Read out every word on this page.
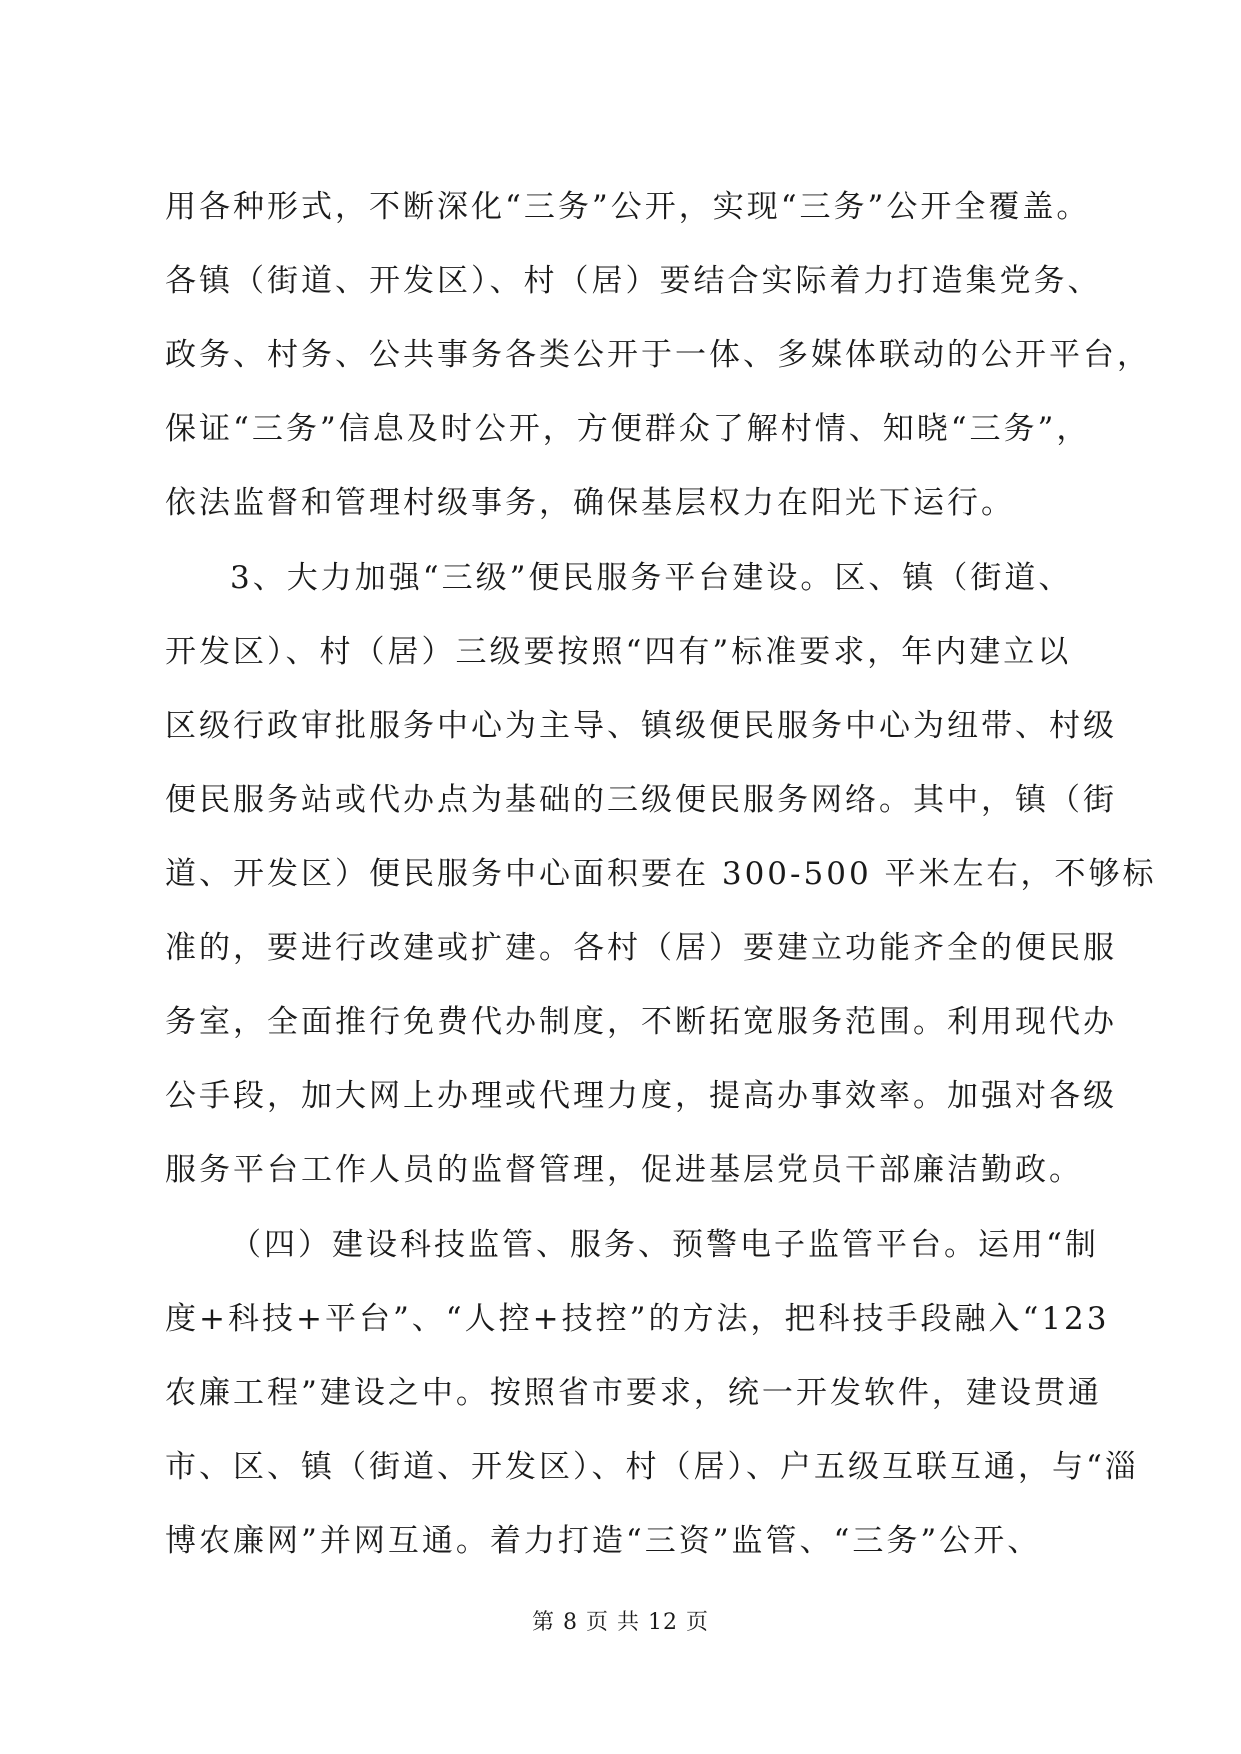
用各种形式，不断深化“三务”公开，实现“三务”公开全覆盖。
各镇（街道、开发区）、村（居）要结合实际着力打造集党务、
政务、村务、公共事务各类公开于一体、多媒体联动的公开平台，
保证“三务”信息及时公开，方便群众了解村情、知晓“三务”，
依法监督和管理村级事务，确保基层权力在阳光下运行。
3、大力加强“三级”便民服务平台建设。区、镇（街道、
开发区）、村（居）三级要按照“四有”标准要求，年内建立以
区级行政审批服务中心为主导、镇级便民服务中心为纽带、村级
便民服务站或代办点为基础的三级便民服务网络。其中，镇（街
道、开发区）便民服务中心面积要在 300-500 平米左右，不够标
准的，要进行改建或扩建。各村（居）要建立功能齐全的便民服
务室，全面推行免费代办制度，不断拓宽服务范围。利用现代办
公手段，加大网上办理或代理力度，提高办事效率。加强对各级
服务平台工作人员的监督管理，促进基层党员干部廉洁勤政。
（四）建设科技监管、服务、预警电子监管平台。运用“制
度+科技+平台”、“人控+技控”的方法，把科技手段融入“123
农廉工程”建设之中。按照省市要求，统一开发软件，建设贯通
市、区、镇（街道、开发区）、村（居）、户五级互联互通，与“淄
博农廉网”并网互通。着力打造“三资”监管、“三务”公开、
第 8 页 共 12 页
